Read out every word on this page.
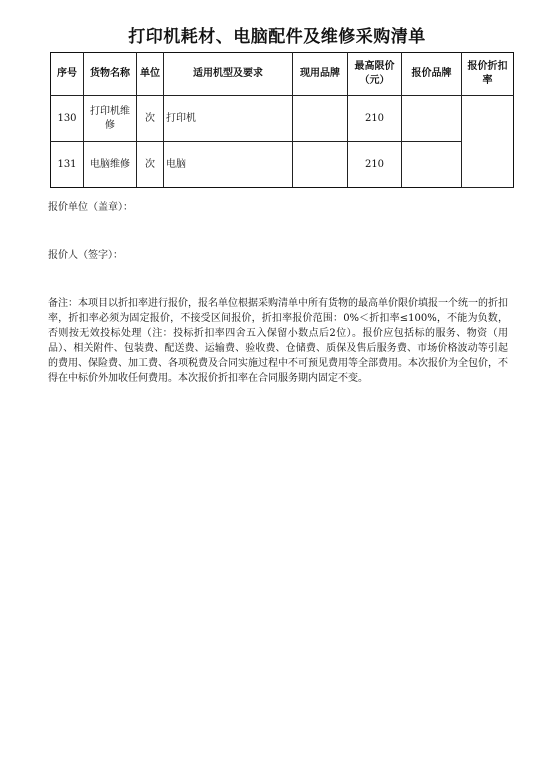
打印机耗材、电脑配件及维修采购清单
序号	货物名称	单位	适用机型及要求	现用品牌	最高限价（元）	报价品牌	报价折扣率
130	打印机维修	次	打印机		210		
131	电脑维修	次	电脑		210		
报价单位（盖章）：
报价人（签字）：
备注：本项目以折扣率进行报价，报名单位根据采购清单中所有货物的最高单价限价填报一个统一的折扣率，折扣率必须为固定报价，不接受区间报价，折扣率报价范围：0%＜折扣率≤100%，不能为负数，否则按无效投标处理（注：投标折扣率四舍五入保留小数点后2位）。报价应包括标的服务、物资（用品）、相关附件、包装费、配送费、运输费、验收费、仓储费、质保及售后服务费、市场价格波动等引起的费用、保险费、加工费、各项税费及合同实施过程中不可预见费用等全部费用。本次报价为全包价，不得在中标价外加收任何费用。本次报价折扣率在合同服务期内固定不变。
